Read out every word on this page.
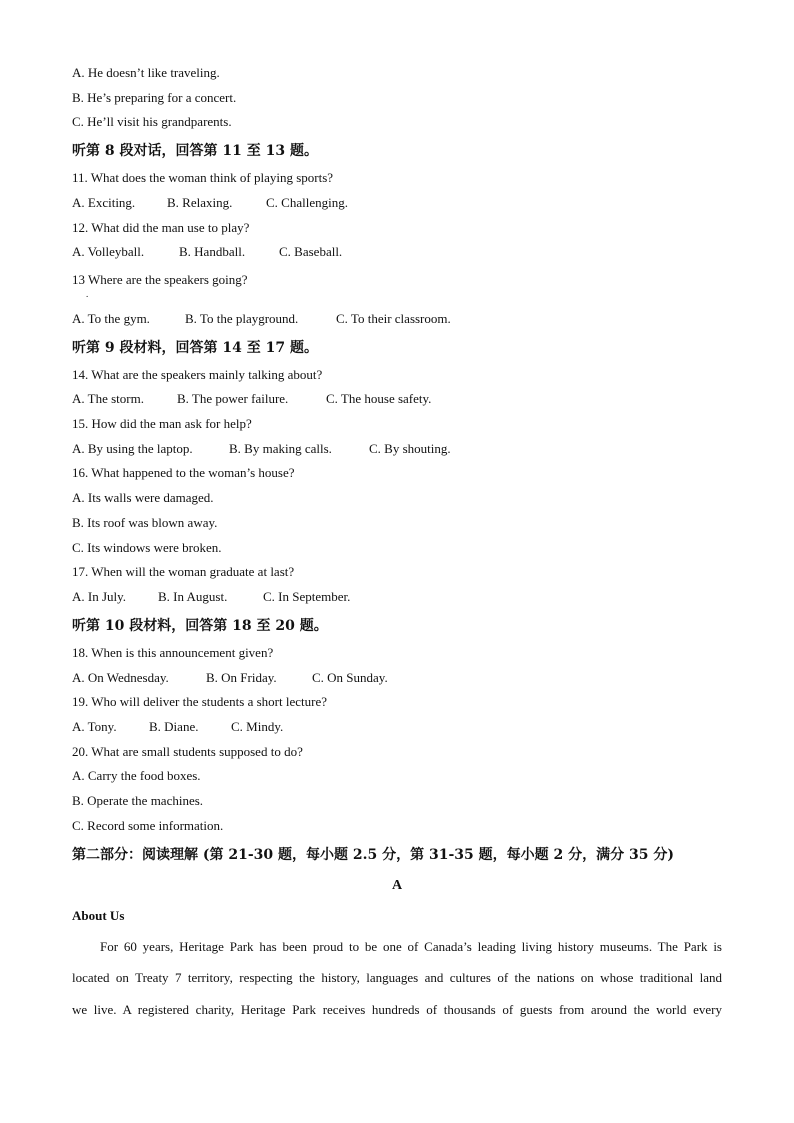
A. He doesn’t like traveling.
B. He’s preparing for a concert.
C. He’ll visit his grandparents.
听第 8 段对话，回答第 11 至 13 题。
11. What does the woman think of playing sports?
A. Exciting. B. Relaxing.	C. Challenging.
12. What did the man use to play?
A. Volleyball.	B. Handball.	C. Baseball.
13 Where are the speakers going?
.
A. To the gym.	B. To the playground.	C. To their classroom.
听第 9 段材料，回答第 14 至 17 题。
14. What are the speakers mainly talking about?
A. The storm.	B. The power failure.	C. The house safety.
15. How did the man ask for help?
A. By using the laptop.	B. By making calls.	C. By shouting.
16. What happened to the woman’s house?
A. Its walls were damaged.
B. Its roof was blown away.
C. Its windows were broken.
17. When will the woman graduate at last?
A. In July. B. In August.	C. In September.
听第 10 段材料，回答第 18 至 20 题。
18. When is this announcement given?
A. On Wednesday.	B. On Friday.	C. On Sunday.
19. Who will deliver the students a short lecture?
A. Tony. B. Diane.	C. Mindy.
20. What are small students supposed to do?
A. Carry the food boxes.
B. Operate the machines.
C. Record some information.
第二部分：阅读理解 (第 21-30 题，每小题 2.5 分，第 31-35 题，每小题 2 分，满分 35 分)
A
About Us
For 60 years, Heritage Park has been proud to be one of Canada’s leading living history museums. The Park is
located on Treaty 7 territory, respecting the history, languages and cultures of the nations on whose traditional land
we live. A registered charity, Heritage Park receives hundreds of thousands of guests from around the world every
